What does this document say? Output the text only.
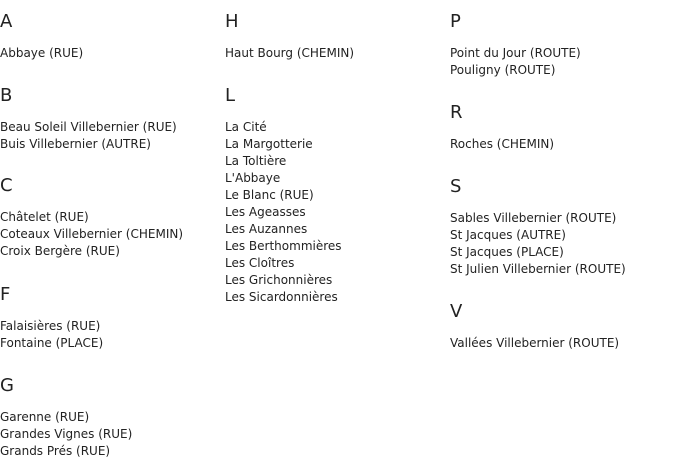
A
Abbaye (RUE)
B
Beau Soleil Villebernier (RUE)
Buis Villebernier (AUTRE)
C
Châtelet (RUE)
Coteaux Villebernier (CHEMIN)
Croix Bergère (RUE)
F
Falaisières (RUE)
Fontaine (PLACE)
G
Garenne (RUE)
Grandes Vignes (RUE)
Grands Prés (RUE)
H
Haut Bourg (CHEMIN)
L
La Cité
La Margotterie
La Toltière
L'Abbaye
Le Blanc (RUE)
Les Ageasses
Les Auzannes
Les Berthommières
Les Cloîtres
Les Grichonnières
Les Sicardonnières
P
Point du Jour (ROUTE)
Pouligny (ROUTE)
R
Roches (CHEMIN)
S
Sables Villebernier (ROUTE)
St Jacques (AUTRE)
St Jacques (PLACE)
St Julien Villebernier (ROUTE)
V
Vallées Villebernier (ROUTE)
